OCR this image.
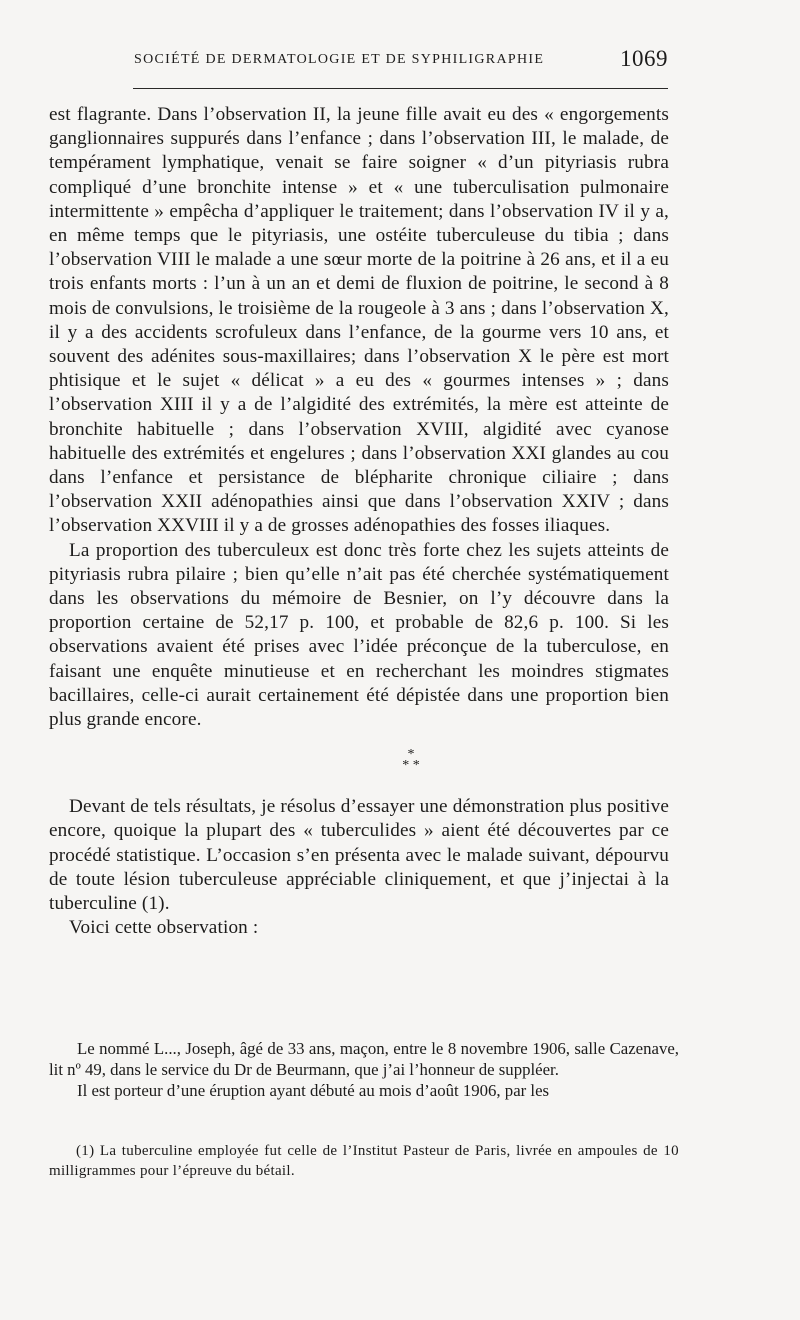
SOCIÉTÉ DE DERMATOLOGIE ET DE SYPHILIGRAPHIE	1069

est flagrante. Dans l’observation II, la jeune fille avait eu des « engorgements ganglionnaires suppurés dans l’enfance ; dans l’observation III, le malade, de tempérament lymphatique, venait se faire soigner « d’un pityriasis rubra compliqué d’une bronchite intense » et « une tuberculisation pulmonaire intermittente » empêcha d’appliquer le traitement; dans l’observation IV il y a, en même temps que le pityriasis, une ostéite tuberculeuse du tibia ; dans l’observation VIII le malade a une sœur morte de la poitrine à 26 ans, et il a eu trois enfants morts : l’un à un an et demi de fluxion de poitrine, le second à 8 mois de convulsions, le troisième de la rougeole à 3 ans ; dans l’observation X, il y a des accidents scrofuleux dans l’enfance, de la gourme vers 10 ans, et souvent des adénites sous-maxillaires; dans l’observation X le père est mort phtisique et le sujet « délicat » a eu des « gourmes intenses » ; dans l’observation XIII il y a de l’algidité des extrémités, la mère est atteinte de bronchite habituelle ; dans l’observation XVIII, algidité avec cyanose habituelle des extrémités et engelures ; dans l’observation XXI glandes au cou dans l’enfance et persistance de blépharite chronique ciliaire ; dans l’observation XXII adénopathies ainsi que dans l’observation XXIV ; dans l’observation XXVIII il y a de grosses adénopathies des fosses iliaques.

La proportion des tuberculeux est donc très forte chez les sujets atteints de pityriasis rubra pilaire ; bien qu’elle n’ait pas été cherchée systématiquement dans les observations du mémoire de Besnier, on l’y découvre dans la proportion certaine de 52,17 p. 100, et probable de 82,6 p. 100. Si les observations avaient été prises avec l’idée préconçue de la tuberculose, en faisant une enquête minutieuse et en recherchant les moindres stigmates bacillaires, celle-ci aurait certainement été dépistée dans une proportion bien plus grande encore.

*
* *

Devant de tels résultats, je résolus d’essayer une démonstration plus positive encore, quoique la plupart des « tuberculides » aient été découvertes par ce procédé statistique. L’occasion s’en présenta avec le malade suivant, dépourvu de toute lésion tuberculeuse appréciable cliniquement, et que j’injectai à la tuberculine (1).

Voici cette observation :

Le nommé L..., Joseph, âgé de 33 ans, maçon, entre le 8 novembre 1906, salle Cazenave, lit nº 49, dans le service du Dr de Beurmann, que j’ai l’honneur de suppléer.

Il est porteur d’une éruption ayant débuté au mois d’août 1906, par les

(1) La tuberculine employée fut celle de l’Institut Pasteur de Paris, livrée en ampoules de 10 milligrammes pour l’épreuve du bétail.
